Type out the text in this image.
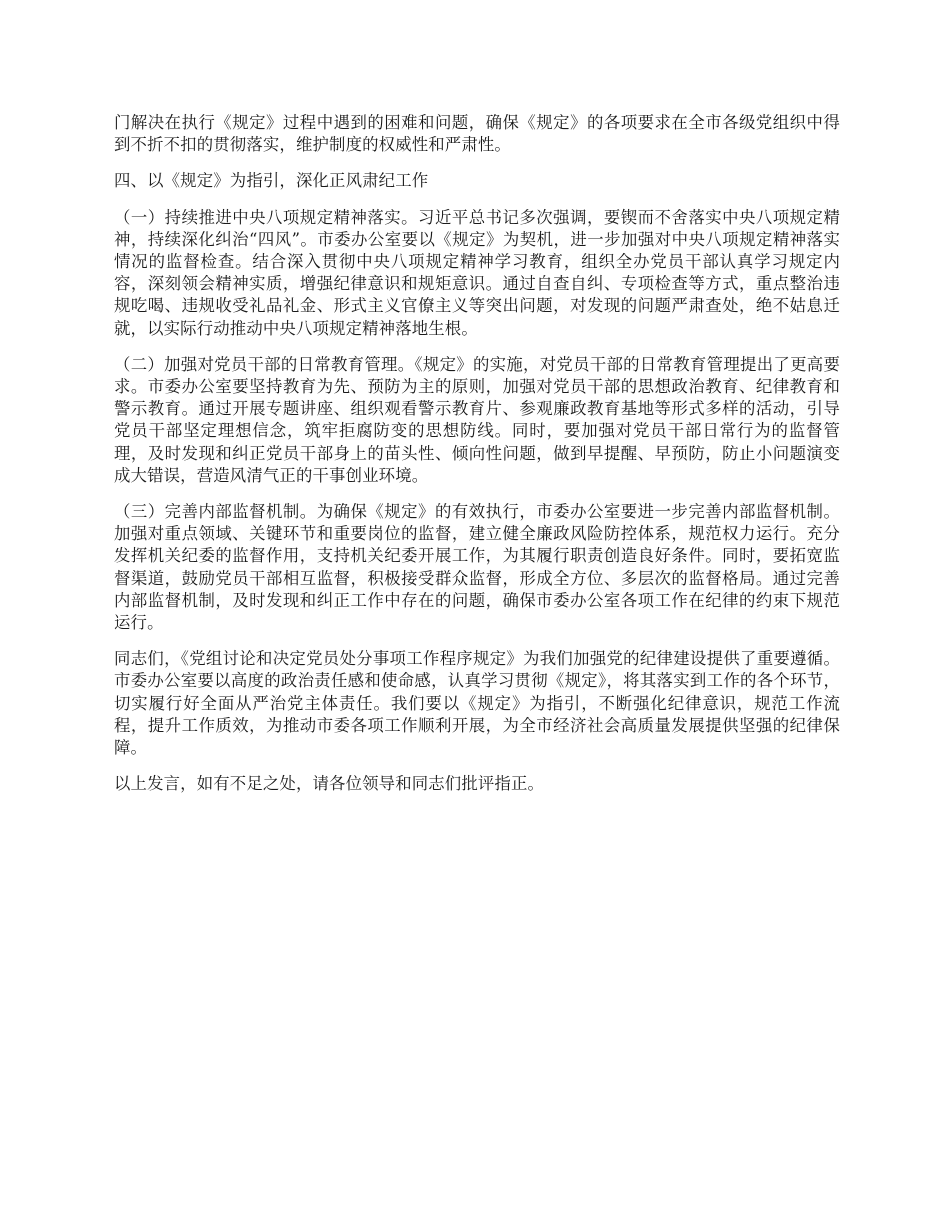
门解决在执行《规定》过程中遇到的困难和问题，确保《规定》的各项要求在全市各级党组织中得到不折不扣的贯彻落实，维护制度的权威性和严肃性。

四、以《规定》为指引，深化正风肃纪工作

（一）持续推进中央八项规定精神落实。习近平总书记多次强调，要锲而不舍落实中央八项规定精神，持续深化纠治“四风”。市委办公室要以《规定》为契机，进一步加强对中央八项规定精神落实情况的监督检查。结合深入贯彻中央八项规定精神学习教育，组织全办党员干部认真学习规定内容，深刻领会精神实质，增强纪律意识和规矩意识。通过自查自纠、专项检查等方式，重点整治违规吃喝、违规收受礼品礼金、形式主义官僚主义等突出问题，对发现的问题严肃查处，绝不姑息迁就，以实际行动推动中央八项规定精神落地生根。

（二）加强对党员干部的日常教育管理。《规定》的实施，对党员干部的日常教育管理提出了更高要求。市委办公室要坚持教育为先、预防为主的原则，加强对党员干部的思想政治教育、纪律教育和警示教育。通过开展专题讲座、组织观看警示教育片、参观廉政教育基地等形式多样的活动，引导党员干部坚定理想信念，筑牢拒腐防变的思想防线。同时，要加强对党员干部日常行为的监督管理，及时发现和纠正党员干部身上的苗头性、倾向性问题，做到早提醒、早预防，防止小问题演变成大错误，营造风清气正的干事创业环境。

（三）完善内部监督机制。为确保《规定》的有效执行，市委办公室要进一步完善内部监督机制。加强对重点领域、关键环节和重要岗位的监督，建立健全廉政风险防控体系，规范权力运行。充分发挥机关纪委的监督作用，支持机关纪委开展工作，为其履行职责创造良好条件。同时，要拓宽监督渠道，鼓励党员干部相互监督，积极接受群众监督，形成全方位、多层次的监督格局。通过完善内部监督机制，及时发现和纠正工作中存在的问题，确保市委办公室各项工作在纪律的约束下规范运行。

同志们，《党组讨论和决定党员处分事项工作程序规定》为我们加强党的纪律建设提供了重要遵循。市委办公室要以高度的政治责任感和使命感，认真学习贯彻《规定》，将其落实到工作的各个环节，切实履行好全面从严治党主体责任。我们要以《规定》为指引，不断强化纪律意识，规范工作流程，提升工作质效，为推动市委各项工作顺利开展，为全市经济社会高质量发展提供坚强的纪律保障。

以上发言，如有不足之处，请各位领导和同志们批评指正。
